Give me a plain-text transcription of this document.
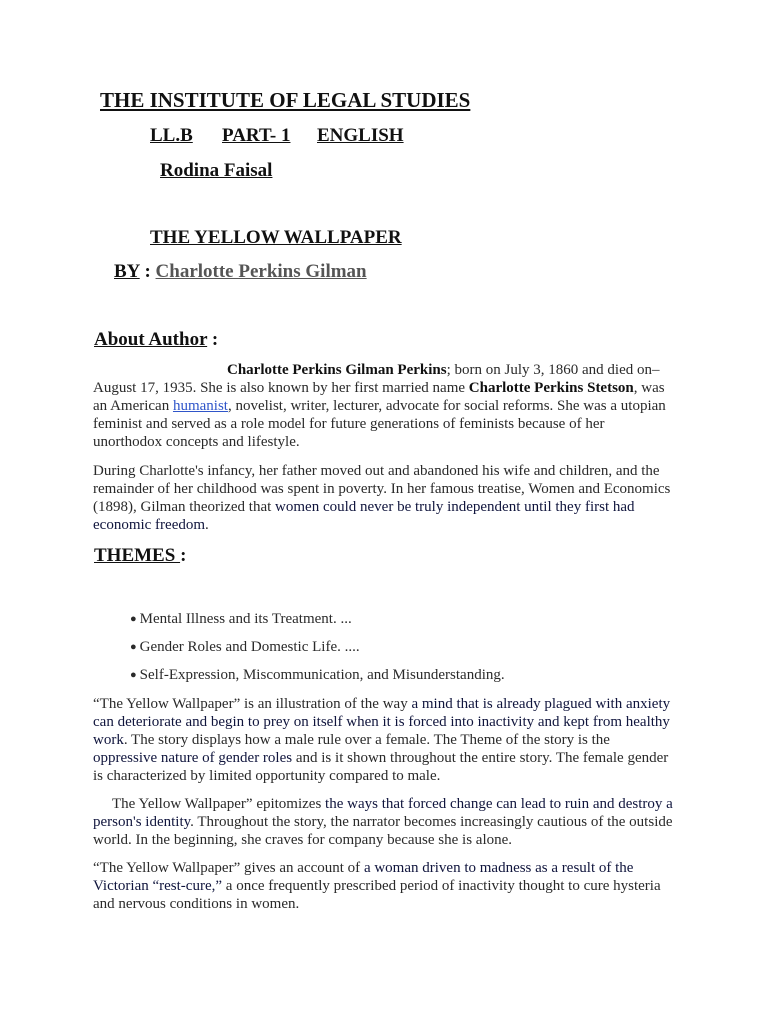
THE INSTITUTE OF LEGAL STUDIES
LL.B PART- 1 ENGLISH
Rodina Faisal
THE YELLOW WALLPAPER
BY : Charlotte Perkins Gilman
About Author :

Charlotte Perkins Gilman Perkins; born on July 3, 1860 and died on– August 17, 1935. She is also known by her first married name Charlotte Perkins Stetson, was an American humanist, novelist, writer, lecturer, advocate for social reforms. She was a utopian feminist and served as a role model for future generations of feminists because of her unorthodox concepts and lifestyle.

During Charlotte's infancy, her father moved out and abandoned his wife and children, and the remainder of her childhood was spent in poverty. In her famous treatise, Women and Economics (1898), Gilman theorized that women could never be truly independent until they first had economic freedom.

THEMES :
● Mental Illness and its Treatment. ...
● Gender Roles and Domestic Life. ....
● Self-Expression, Miscommunication, and Misunderstanding.

“The Yellow Wallpaper” is an illustration of the way a mind that is already plagued with anxiety can deteriorate and begin to prey on itself when it is forced into inactivity and kept from healthy work. The story displays how a male rule over a female. The Theme of the story is the oppressive nature of gender roles and is it shown throughout the entire story. The female gender is characterized by limited opportunity compared to male.

The Yellow Wallpaper” epitomizes the ways that forced change can lead to ruin and destroy a person's identity. Throughout the story, the narrator becomes increasingly cautious of the outside world. In the beginning, she craves for company because she is alone.

“The Yellow Wallpaper” gives an account of a woman driven to madness as a result of the Victorian “rest-cure,” a once frequently prescribed period of inactivity thought to cure hysteria and nervous conditions in women.
